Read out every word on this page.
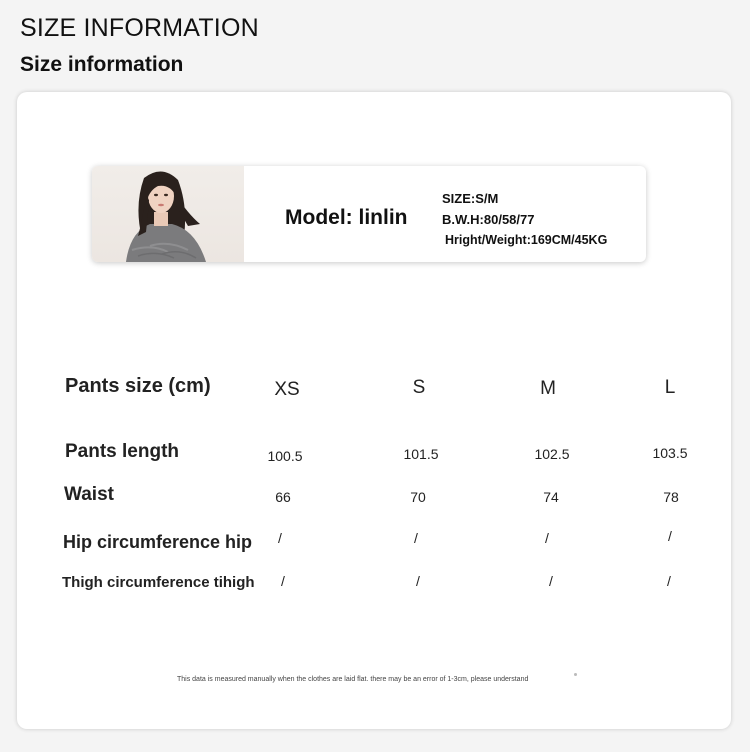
SIZE INFORMATION
Size information
Model: linlin
SIZE:S/M
B.W.H:80/58/77
Hright/Weight:169CM/45KG
Pants size (cm)	XS	S	M	L
Pants length	100.5	101.5	102.5	103.5
Waist	66	70	74	78
Hip circumference hip	/	/	/	/
Thigh circumference tihigh	/	/	/	/
This data is measured manually when the clothes are laid flat. there may be an error of 1-3cm, please understand
